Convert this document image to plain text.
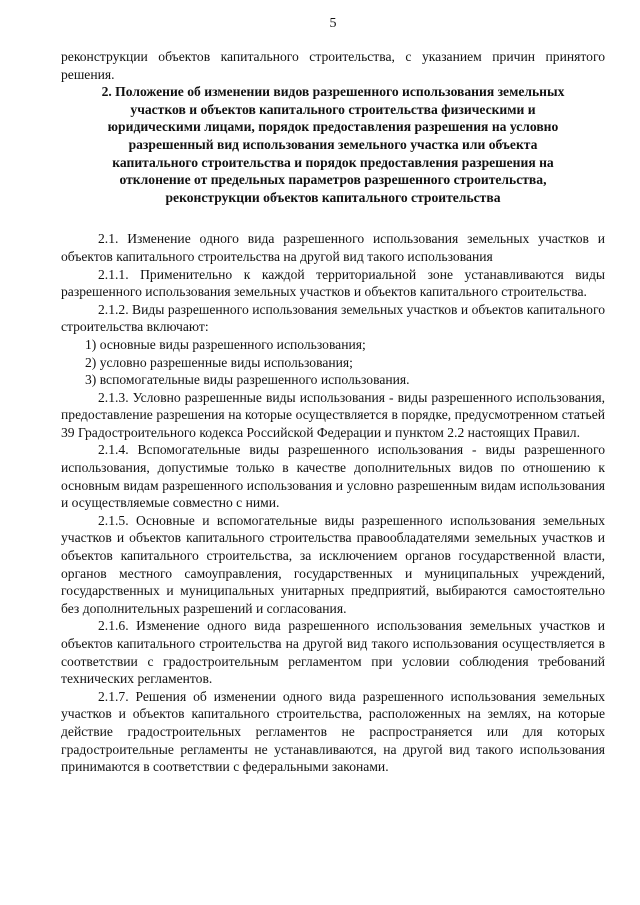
5

реконструкции объектов капитального строительства, с указанием причин принятого решения.

2. Положение об изменении видов разрешенного использования земельных
участков и объектов капитального строительства физическими и
юридическими лицами, порядок предоставления разрешения на условно
разрешенный вид использования земельного участка или объекта
капитального строительства и порядок предоставления разрешения на
отклонение от предельных параметров разрешенного строительства,
реконструкции объектов капитального строительства

2.1. Изменение одного вида разрешенного использования земельных участков и объектов капитального строительства на другой вид такого использования

2.1.1. Применительно к каждой территориальной зоне устанавливаются виды разрешенного использования земельных участков и объектов капитального строительства.

2.1.2. Виды разрешенного использования земельных участков и объектов капитального строительства включают:

1) основные виды разрешенного использования;

2) условно разрешенные виды использования;

3) вспомогательные виды разрешенного использования.

2.1.3. Условно разрешенные виды использования - виды разрешенного использования, предоставление разрешения на которые осуществляется в порядке, предусмотренном статьей 39 Градостроительного кодекса Российской Федерации и пунктом 2.2 настоящих Правил.

2.1.4. Вспомогательные виды разрешенного использования - виды разрешенного использования, допустимые только в качестве дополнительных видов по отношению к основным видам разрешенного использования и условно разрешенным видам использования и осуществляемые совместно с ними.

2.1.5. Основные и вспомогательные виды разрешенного использования земельных участков и объектов капитального строительства правообладателями земельных участков и объектов капитального строительства, за исключением органов государственной власти, органов местного самоуправления, государственных и муниципальных учреждений, государственных и муниципальных унитарных предприятий, выбираются самостоятельно без дополнительных разрешений и согласования.

2.1.6. Изменение одного вида разрешенного использования земельных участков и объектов капитального строительства на другой вид такого использования осуществляется в соответствии с градостроительным регламентом при условии соблюдения требований технических регламентов.

2.1.7. Решения об изменении одного вида разрешенного использования земельных участков и объектов капитального строительства, расположенных на землях, на которые действие градостроительных регламентов не распространяется или для которых градостроительные регламенты не устанавливаются, на другой вид такого использования принимаются в соответствии с федеральными законами.
